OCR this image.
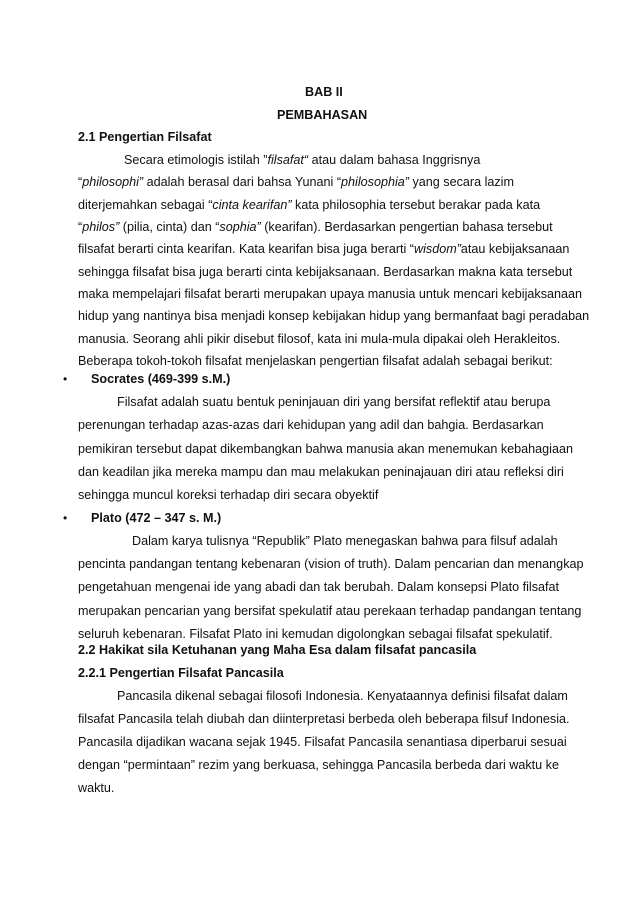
BAB II
PEMBAHASAN
2.1 Pengertian Filsafat
Secara etimologis istilah ”filsafat“ atau dalam bahasa Inggrisnya
“philosophi” adalah berasal dari bahsa Yunani “philosophia” yang secara lazim
diterjemahkan sebagai “cinta kearifan” kata philosophia tersebut berakar pada kata
“philos” (pilia, cinta) dan “sophia” (kearifan). Berdasarkan pengertian bahasa tersebut
filsafat berarti cinta kearifan. Kata kearifan bisa juga berarti “wisdom”atau kebijaksanaan
sehingga filsafat bisa juga berarti cinta kebijaksanaan. Berdasarkan makna kata tersebut
maka mempelajari filsafat berarti merupakan upaya manusia untuk mencari kebijaksanaan
hidup yang nantinya bisa menjadi konsep kebijakan hidup yang bermanfaat bagi peradaban
manusia. Seorang ahli pikir disebut filosof, kata ini mula-mula dipakai oleh Herakleitos.
Beberapa tokoh-tokoh filsafat menjelaskan pengertian filsafat adalah sebagai berikut:
• Socrates (469-399 s.M.)
Filsafat adalah suatu bentuk peninjauan diri yang bersifat reflektif atau berupa
perenungan terhadap azas-azas dari kehidupan yang adil dan bahgia. Berdasarkan
pemikiran tersebut dapat dikembangkan bahwa manusia akan menemukan kebahagiaan
dan keadilan jika mereka mampu dan mau melakukan peninajauan diri atau refleksi diri
sehingga muncul koreksi terhadap diri secara obyektif
• Plato (472 – 347 s. M.)
Dalam karya tulisnya “Republik” Plato menegaskan bahwa para filsuf adalah
pencinta pandangan tentang kebenaran (vision of truth). Dalam pencarian dan menangkap
pengetahuan mengenai ide yang abadi dan tak berubah. Dalam konsepsi Plato filsafat
merupakan pencarian yang bersifat spekulatif atau perekaan terhadap pandangan tentang
seluruh kebenaran. Filsafat Plato ini kemudan digolongkan sebagai filsafat spekulatif.
2.2 Hakikat sila Ketuhanan yang Maha Esa dalam filsafat pancasila
2.2.1 Pengertian Filsafat Pancasila
Pancasila dikenal sebagai filosofi Indonesia. Kenyataannya definisi filsafat dalam
filsafat Pancasila telah diubah dan diinterpretasi berbeda oleh beberapa filsuf Indonesia.
Pancasila dijadikan wacana sejak 1945. Filsafat Pancasila senantiasa diperbarui sesuai
dengan “permintaan” rezim yang berkuasa, sehingga Pancasila berbeda dari waktu ke
waktu.
